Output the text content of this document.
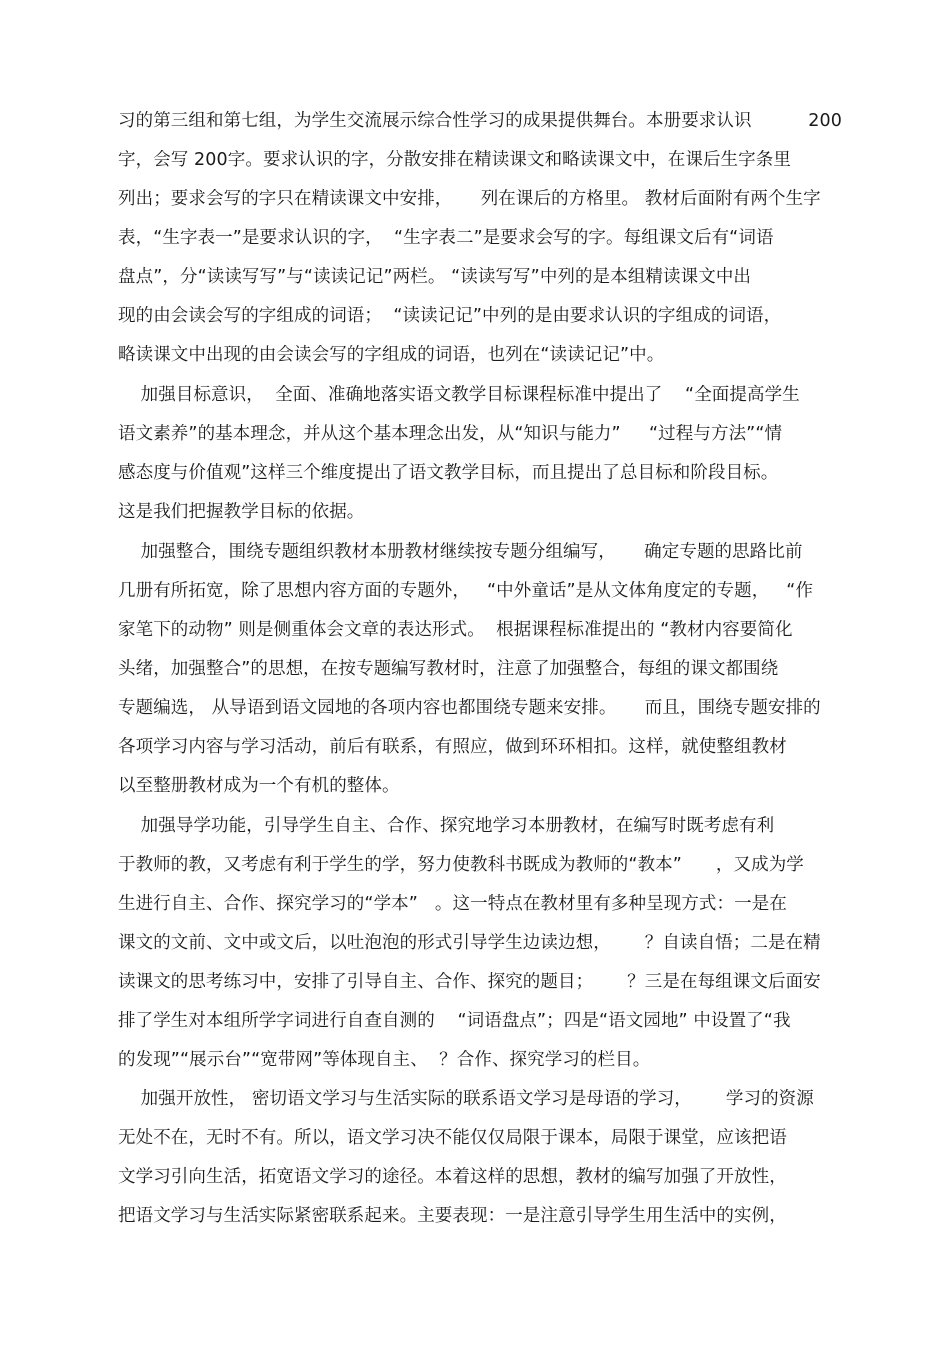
习的第三组和第七组，为学生交流展示综合性学习的成果提供舞台。本册要求认识          200
字，会写 200字。要求认识的字，分散安排在精读课文和略读课文中，在课后生字条里
列出；要求会写的字只在精读课文中安排，     列在课后的方格里。 教材后面附有两个生字
表，“生字表一”是要求认识的字，  “生字表二”是要求会写的字。每组课文后有“词语
盘点”，分“读读写写”与“读读记记”两栏。 “读读写写”中列的是本组精读课文中出
现的由会读会写的字组成的词语；  “读读记记”中列的是由要求认识的字组成的词语，
略读课文中出现的由会读会写的字组成的词语，也列在“读读记记”中。
加强目标意识，  全面、准确地落实语文教学目标课程标准中提出了    “全面提高学生
语文素养”的基本理念，并从这个基本理念出发，从“知识与能力”     “过程与方法”“情
感态度与价值观”这样三个维度提出了语文教学目标，而且提出了总目标和阶段目标。
这是我们把握教学目标的依据。
加强整合，围绕专题组织教材本册教材继续按专题分组编写，     确定专题的思路比前
几册有所拓宽，除了思想内容方面的专题外，   “中外童话”是从文体角度定的专题，   “作
家笔下的动物” 则是侧重体会文章的表达形式。  根据课程标准提出的 “教材内容要简化
头绪，加强整合”的思想，在按专题编写教材时，注意了加强整合，每组的课文都围绕
专题编选， 从导语到语文园地的各项内容也都围绕专题来安排。     而且，围绕专题安排的
各项学习内容与学习活动，前后有联系，有照应，做到环环相扣。这样，就使整组教材
以至整册教材成为一个有机的整体。
加强导学功能，引导学生自主、合作、探究地学习本册教材，在编写时既考虑有利
于教师的教，又考虑有利于学生的学，努力使教科书既成为教师的“教本”      ，又成为学
生进行自主、合作、探究学习的“学本”   。这一特点在教材里有多种呈现方式：一是在
课文的文前、文中或文后，以吐泡泡的形式引导学生边读边想，      ？自读自悟；二是在精
读课文的思考练习中，安排了引导自主、合作、探究的题目；      ？三是在每组课文后面安
排了学生对本组所学字词进行自查自测的    “词语盘点”；四是“语文园地” 中设置了“我
的发现”“展示台”“宽带网”等体现自主、  ？合作、探究学习的栏目。
加强开放性， 密切语文学习与生活实际的联系语文学习是母语的学习，      学习的资源
无处不在，无时不有。所以，语文学习决不能仅仅局限于课本，局限于课堂，应该把语
文学习引向生活，拓宽语文学习的途径。本着这样的思想，教材的编写加强了开放性，
把语文学习与生活实际紧密联系起来。主要表现：一是注意引导学生用生活中的实例，
